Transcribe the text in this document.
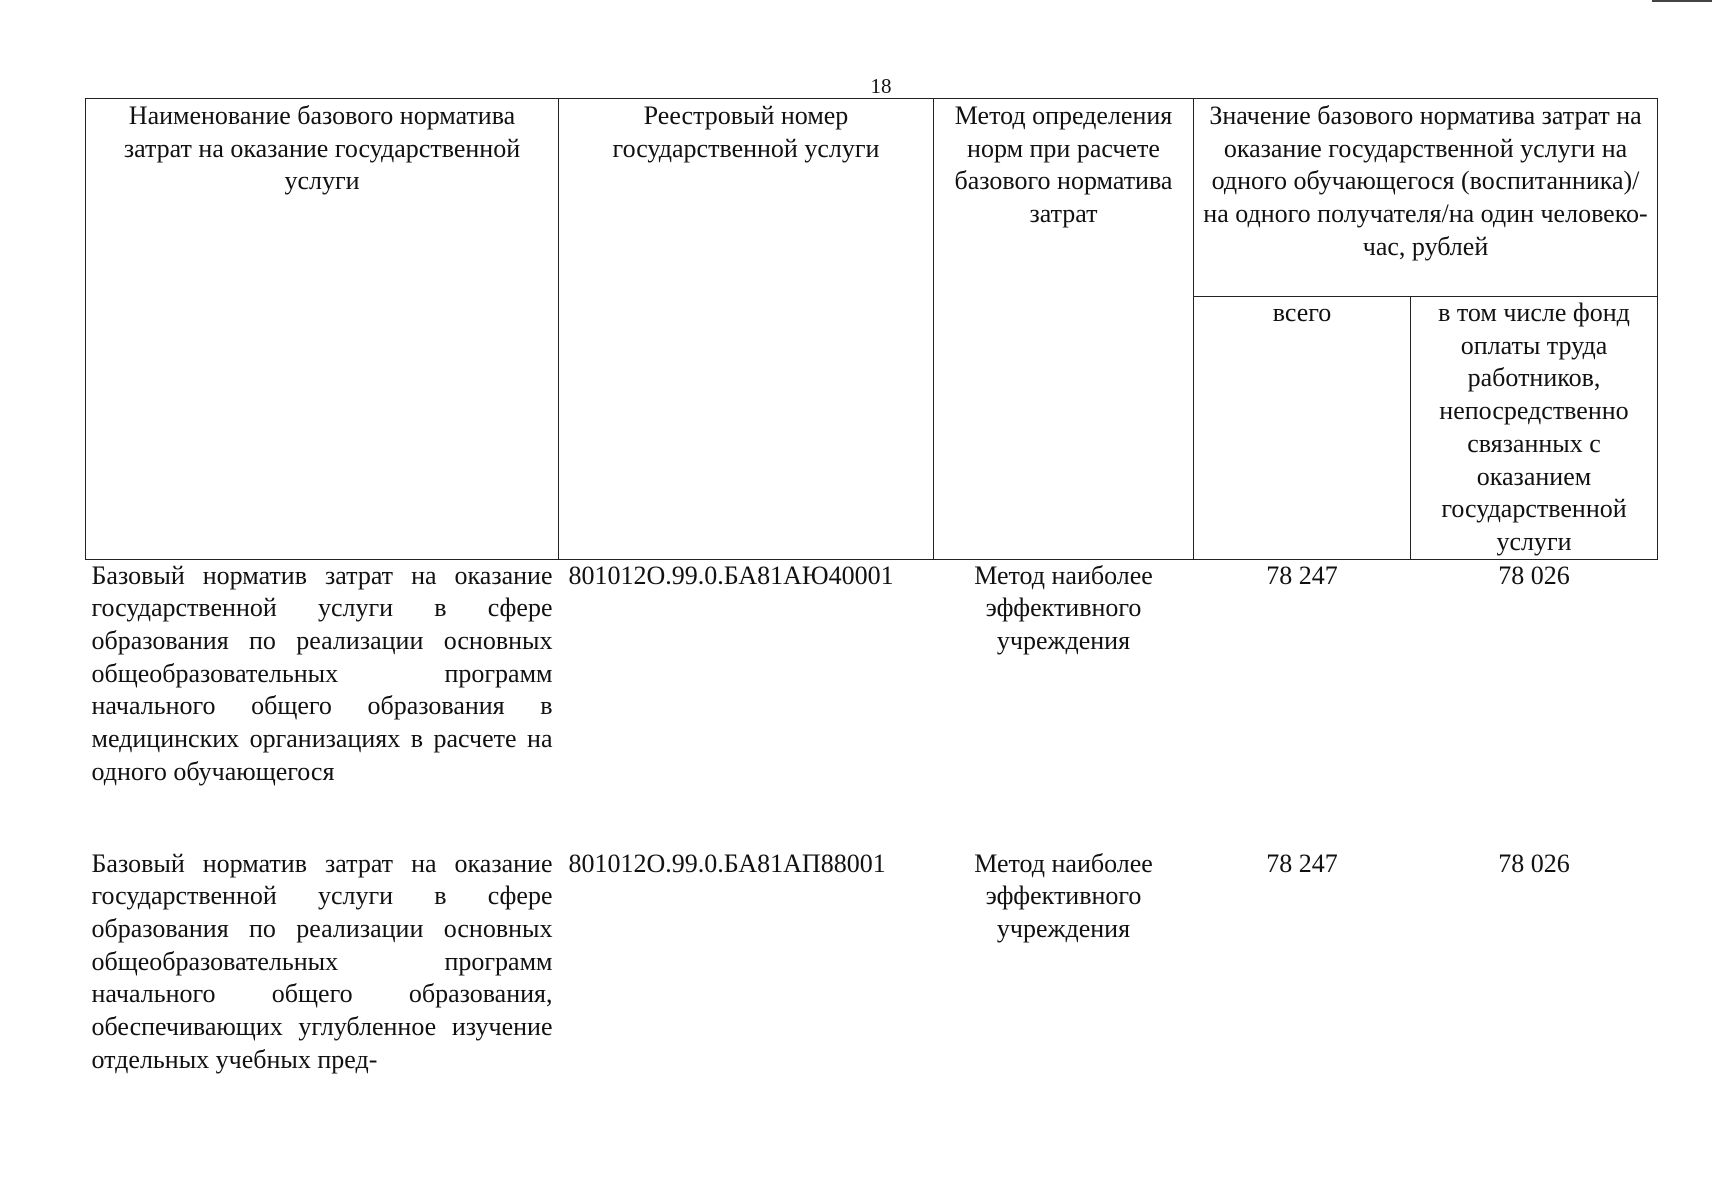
18
Наименование базового норматива затрат на оказание государственной услуги	Реестровый номер государственной услуги	Метод определения норм при расчете базового норматива затрат	Значение базового норматива затрат на оказание государственной услуги на одного обучающегося (воспитанника)/на одного получателя/на один человеко-час, рублей	
			всего	в том числе фонд оплаты труда работников, непосредственно связанных с оказанием государственной услуги
Базовый норматив затрат на оказание государственной услуги в сфере образования по реализации основных общеобразовательных программ начального общего образования в медицинских организациях в расчете на одного обучающегося	801012О.99.0.БА81АЮ40001	Метод наиболее эффективного учреждения	78 247	78 026
Базовый норматив затрат на оказание государственной услуги в сфере образования по реализации основных общеобразовательных программ начального общего образования, обеспечивающих углубленное изучение отдельных учебных пред-	801012О.99.0.БА81АП88001	Метод наиболее эффективного учреждения	78 247	78 026
